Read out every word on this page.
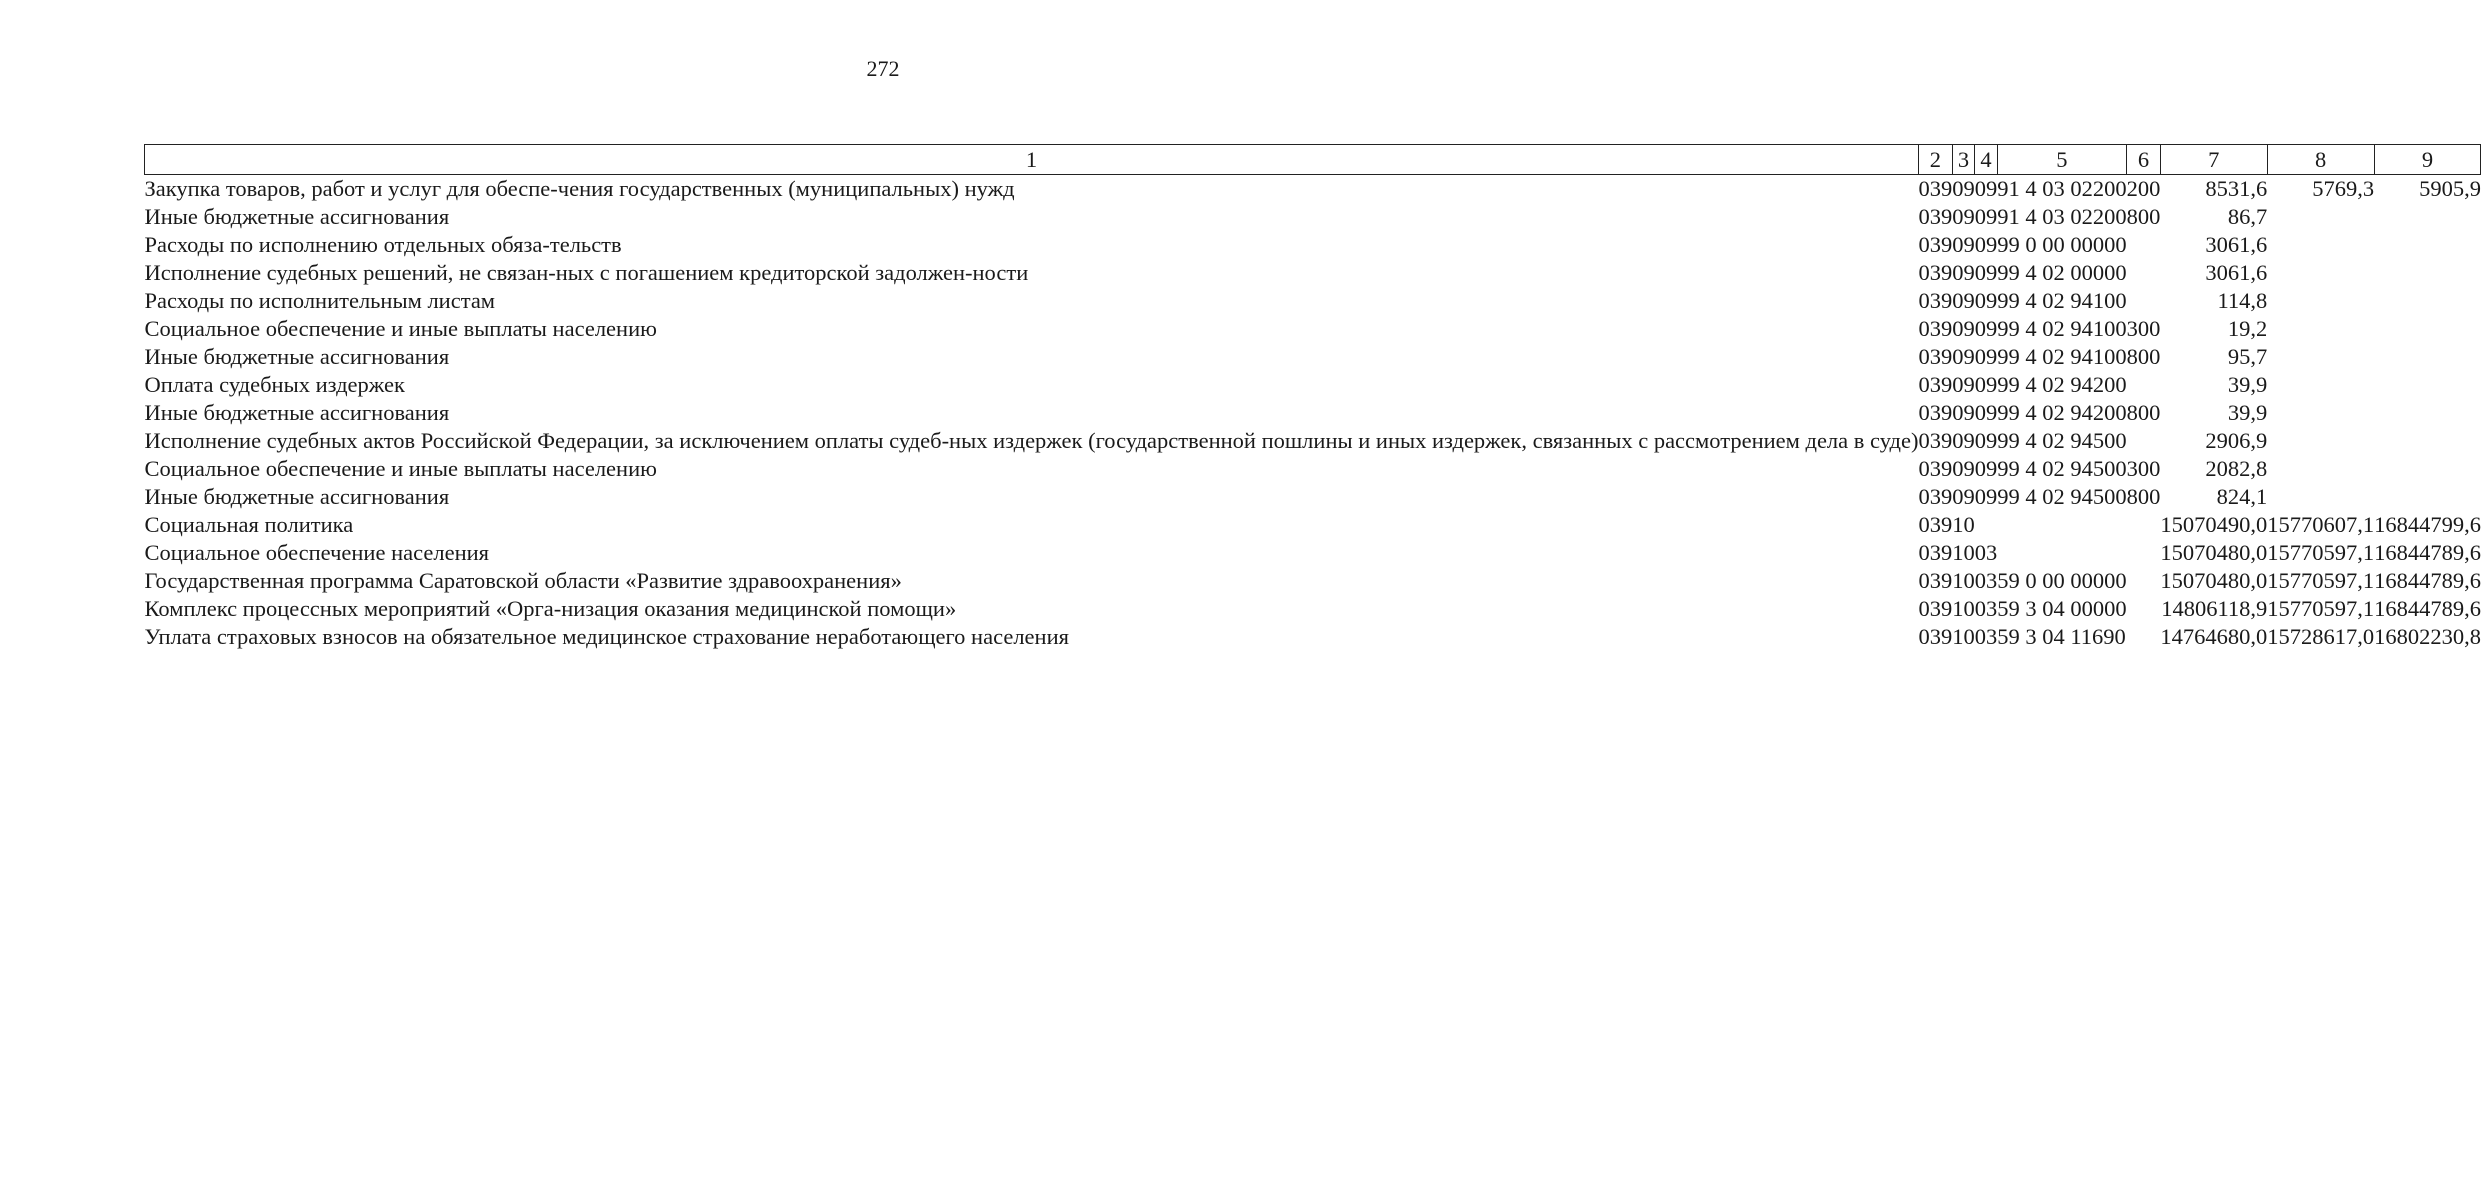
272
1	2	3	4	5	6	7	8	9
Закупка товаров, работ и услуг для обеспе-чения государственных (муниципальных) нужд	039	09	09	91 4 03 02200	200	8531,6	5769,3	5905,9
Иные бюджетные ассигнования	039	09	09	91 4 03 02200	800	86,7		
Расходы по исполнению отдельных обяза-тельств	039	09	09	99 0 00 00000		3061,6		
Исполнение судебных решений, не связан-ных с погашением кредиторской задолжен-ности	039	09	09	99 4 02 00000		3061,6		
Расходы по исполнительным листам	039	09	09	99 4 02 94100		114,8		
Социальное обеспечение и иные выплаты населению	039	09	09	99 4 02 94100	300	19,2		
Иные бюджетные ассигнования	039	09	09	99 4 02 94100	800	95,7		
Оплата судебных издержек	039	09	09	99 4 02 94200		39,9		
Иные бюджетные ассигнования	039	09	09	99 4 02 94200	800	39,9		
Исполнение судебных актов Российской Федерации, за исключением оплаты судеб-ных издержек (государственной пошлины и иных издержек, связанных с рассмотрением дела в суде)	039	09	09	99 4 02 94500		2906,9		
Социальное обеспечение и иные выплаты населению	039	09	09	99 4 02 94500	300	2082,8		
Иные бюджетные ассигнования	039	09	09	99 4 02 94500	800	824,1		
Социальная политика	039	10				15070490,0	15770607,1	16844799,6
Социальное обеспечение населения	039	10	03			15070480,0	15770597,1	16844789,6
Государственная программа Саратовской области «Развитие здравоохранения»	039	10	03	59 0 00 00000		15070480,0	15770597,1	16844789,6
Комплекс процессных мероприятий «Орга-низация оказания медицинской помощи»	039	10	03	59 3 04 00000		14806118,9	15770597,1	16844789,6
Уплата страховых взносов на обязательное медицинское страхование неработающего населения	039	10	03	59 3 04 11690		14764680,0	15728617,0	16802230,8
